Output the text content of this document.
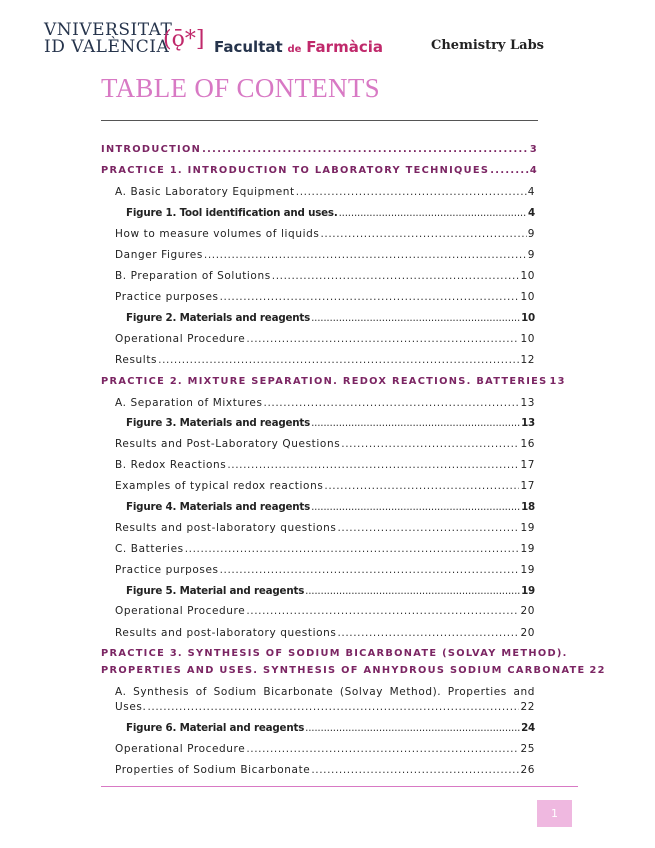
VNIVERSITAT
ID VALÈNCIA
(ǭ*] Facultat de Farmàcia	Chemistry Labs
TABLE OF CONTENTS
INTRODUCTION .....	3
PRACTICE 1. INTRODUCTION TO LABORATORY TECHNIQUES .....	4
A. Basic Laboratory Equipment .....	4
Figure 1. Tool identification and uses. .....	4
How to measure volumes of liquids .....	9
Danger Figures .....	9
B. Preparation of Solutions .....	10
Practice purposes .....	10
Figure 2. Materials and reagents .....	10
Operational Procedure .....	10
Results .....	12
PRACTICE 2. MIXTURE SEPARATION. REDOX REACTIONS. BATTERIES 13
A. Separation of Mixtures .....	13
Figure 3. Materials and reagents .....	13
Results and Post-Laboratory Questions .....	16
B. Redox Reactions .....	17
Examples of typical redox reactions .....	17
Figure 4. Materials and reagents .....	18
Results and post-laboratory questions .....	19
C. Batteries .....	19
Practice purposes .....	19
Figure 5. Material and reagents .....	19
Operational Procedure .....	20
Results and post-laboratory questions .....	20
PRACTICE 3. SYNTHESIS OF SODIUM BICARBONATE (SOLVAY METHOD).
PROPERTIES AND USES. SYNTHESIS OF ANHYDROUS SODIUM CARBONATE 22
A. Synthesis of Sodium Bicarbonate (Solvay Method). Properties and
Uses. .....	22
Figure 6. Material and reagents .....	24
Operational Procedure .....	25
Properties of Sodium Bicarbonate .....	26
1
